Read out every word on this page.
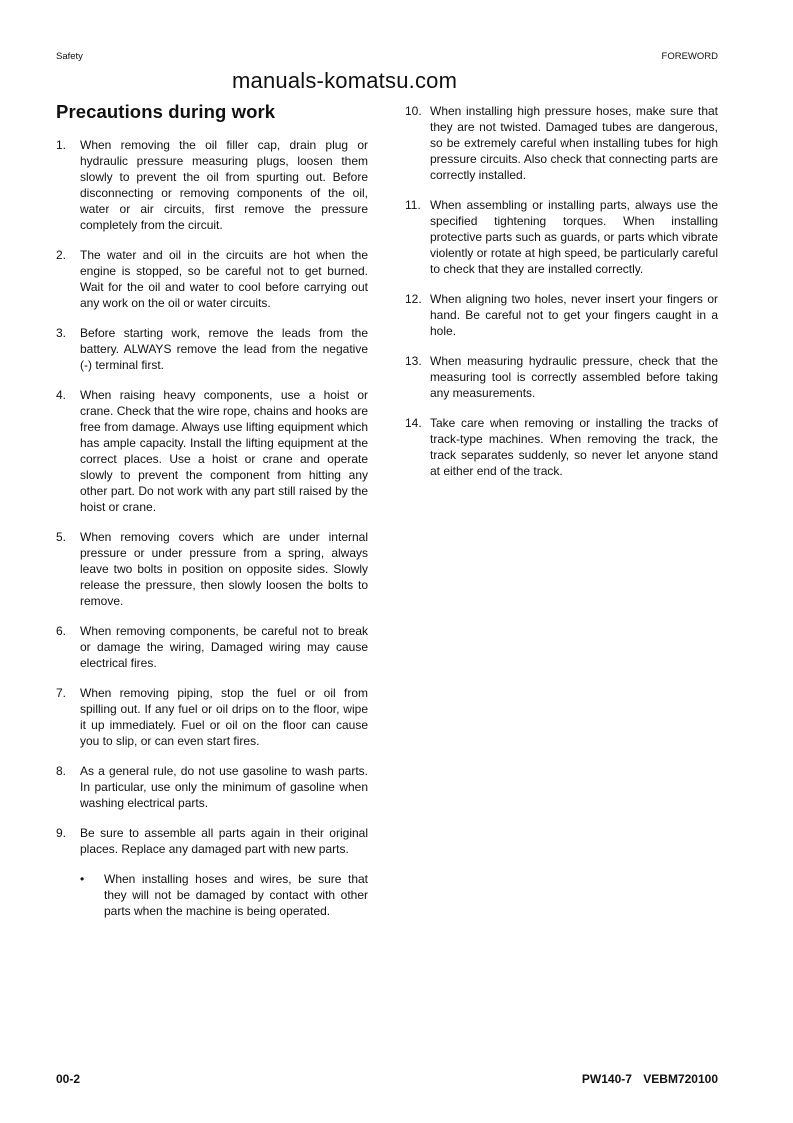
Safety	FOREWORD
manuals-komatsu.com
Precautions during work
1. When removing the oil filler cap, drain plug or hydraulic pressure measuring plugs, loosen them slowly to prevent the oil from spurting out. Before disconnecting or removing components of the oil, water or air circuits, first remove the pressure completely from the circuit.
2. The water and oil in the circuits are hot when the engine is stopped, so be careful not to get burned. Wait for the oil and water to cool before carrying out any work on the oil or water circuits.
3. Before starting work, remove the leads from the battery. ALWAYS remove the lead from the negative (-) terminal first.
4. When raising heavy components, use a hoist or crane. Check that the wire rope, chains and hooks are free from damage. Always use lifting equipment which has ample capacity. Install the lifting equipment at the correct places. Use a hoist or crane and operate slowly to prevent the component from hitting any other part. Do not work with any part still raised by the hoist or crane.
5. When removing covers which are under internal pressure or under pressure from a spring, always leave two bolts in position on opposite sides. Slowly release the pressure, then slowly loosen the bolts to remove.
6. When removing components, be careful not to break or damage the wiring, Damaged wiring may cause electrical fires.
7. When removing piping, stop the fuel or oil from spilling out. If any fuel or oil drips on to the floor, wipe it up immediately. Fuel or oil on the floor can cause you to slip, or can even start fires.
8. As a general rule, do not use gasoline to wash parts. In particular, use only the minimum of gasoline when washing electrical parts.
9. Be sure to assemble all parts again in their original places. Replace any damaged part with new parts.
• When installing hoses and wires, be sure that they will not be damaged by contact with other parts when the machine is being operated.
10. When installing high pressure hoses, make sure that they are not twisted. Damaged tubes are dangerous, so be extremely careful when installing tubes for high pressure circuits. Also check that connecting parts are correctly installed.
11. When assembling or installing parts, always use the specified tightening torques. When installing protective parts such as guards, or parts which vibrate violently or rotate at high speed, be particularly careful to check that they are installed correctly.
12. When aligning two holes, never insert your fingers or hand. Be careful not to get your fingers caught in a hole.
13. When measuring hydraulic pressure, check that the measuring tool is correctly assembled before taking any measurements.
14. Take care when removing or installing the tracks of track-type machines. When removing the track, the track separates suddenly, so never let anyone stand at either end of the track.
00-2	PW140-7 VEBM720100
